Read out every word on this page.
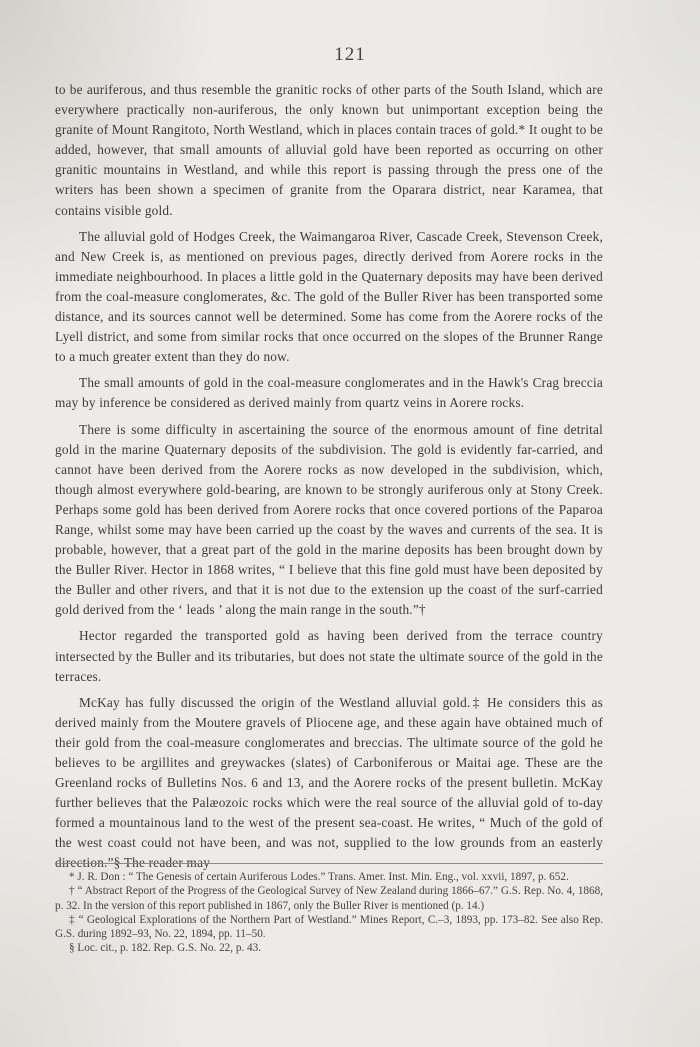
121

to be auriferous, and thus resemble the granitic rocks of other parts of the South Island, which are everywhere practically non-auriferous, the only known but unimportant exception being the granite of Mount Rangitoto, North Westland, which in places contain traces of gold.* It ought to be added, however, that small amounts of alluvial gold have been reported as occurring on other granitic mountains in Westland, and while this report is passing through the press one of the writers has been shown a specimen of granite from the Oparara district, near Karamea, that contains visible gold.

The alluvial gold of Hodges Creek, the Waimangaroa River, Cascade Creek, Stevenson Creek, and New Creek is, as mentioned on previous pages, directly derived from Aorere rocks in the immediate neighbourhood. In places a little gold in the Quaternary deposits may have been derived from the coal-measure conglomerates, &c. The gold of the Buller River has been transported some distance, and its sources cannot well be determined. Some has come from the Aorere rocks of the Lyell district, and some from similar rocks that once occurred on the slopes of the Brunner Range to a much greater extent than they do now.

The small amounts of gold in the coal-measure conglomerates and in the Hawk's Crag breccia may by inference be considered as derived mainly from quartz veins in Aorere rocks.

There is some difficulty in ascertaining the source of the enormous amount of fine detrital gold in the marine Quaternary deposits of the subdivision. The gold is evidently far-carried, and cannot have been derived from the Aorere rocks as now developed in the subdivision, which, though almost everywhere gold-bearing, are known to be strongly auriferous only at Stony Creek. Perhaps some gold has been derived from Aorere rocks that once covered portions of the Paparoa Range, whilst some may have been carried up the coast by the waves and currents of the sea. It is probable, however, that a great part of the gold in the marine deposits has been brought down by the Buller River. Hector in 1868 writes, “ I believe that this fine gold must have been deposited by the Buller and other rivers, and that it is not due to the extension up the coast of the surf-carried gold derived from the ‘ leads ’ along the main range in the south.”†

Hector regarded the transported gold as having been derived from the terrace country intersected by the Buller and its tributaries, but does not state the ultimate source of the gold in the terraces.

McKay has fully discussed the origin of the Westland alluvial gold.‡ He considers this as derived mainly from the Moutere gravels of Pliocene age, and these again have obtained much of their gold from the coal-measure conglomerates and breccias. The ultimate source of the gold he believes to be argillites and greywackes (slates) of Carboniferous or Maitai age. These are the Greenland rocks of Bulletins Nos. 6 and 13, and the Aorere rocks of the present bulletin. McKay further believes that the Palæozoic rocks which were the real source of the alluvial gold of to-day formed a mountainous land to the west of the present sea-coast. He writes, “ Much of the gold of the west coast could not have been, and was not, supplied to the low grounds from an easterly direction.”§ The reader may

* J. R. Don : “ The Genesis of certain Auriferous Lodes.” Trans. Amer. Inst. Min. Eng., vol. xxvii, 1897, p. 652.

† “ Abstract Report of the Progress of the Geological Survey of New Zealand during 1866–67.” G.S. Rep. No. 4, 1868, p. 32. In the version of this report published in 1867, only the Buller River is mentioned (p. 14.)

‡ “ Geological Explorations of the Northern Part of Westland.” Mines Report, C.–3, 1893, pp. 173–82. See also Rep. G.S. during 1892–93, No. 22, 1894, pp. 11–50.

§ Loc. cit., p. 182. Rep. G.S. No. 22, p. 43.
